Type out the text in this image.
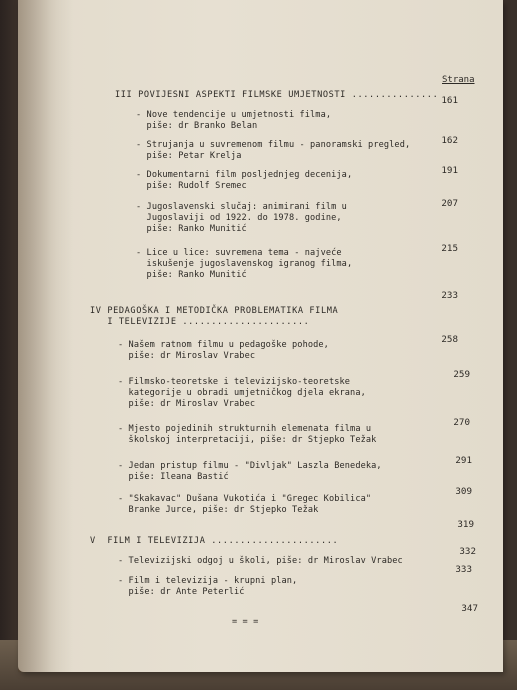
Strana
III POVIJESNI ASPEKTI FILMSKE UMJETNOSTI ............... 161
- Nove tendencije u umjetnosti filma,
piše: dr Branko Belan
162
- Strujanja u suvremenom filmu - panoramski pregled,
piše: Petar Krelja
191
- Dokumentarni film posljednjeg decenija,
piše: Rudolf Sremec
207
- Jugoslavenski slučaj: animirani film u
Jugoslaviji od 1922. do 1978. godine,
piše: Ranko Munitić
215
- Lice u lice: suvremena tema - najveće
iskušenje jugoslavenskog igranog filma,
piše: Ranko Munitić
233
IV PEDAGOŠKA I METODIČKA PROBLEMATIKA FILMA
I TELEVIZIJE ......................
258
- Našem ratnom filmu u pedagoške pohode,
piše: dr Miroslav Vrabec
259
- Filmsko-teoretske i televizijsko-teoretske
kategorije u obradi umjetničkog djela ekrana,
piše: dr Miroslav Vrabec
270
- Mjesto pojedinih strukturnih elemenata filma u
školskoj interpretaciji, piše: dr Stjepko Težak
291
- Jedan pristup filmu - "Divljak" Laszla Benedeka,
piše: Ileana Bastić
309
- "Skakavac" Dušana Vukotića i "Gregec Kobilica"
Branke Jurce, piše: dr Stjepko Težak
319
V  FILM I TELEVIZIJA ......................
332
- Televizijski odgoj u školi, piše: dr Miroslav Vrabec
333
- Film i televizija - krupni plan,
piše: dr Ante Peterlić
347
= = =
